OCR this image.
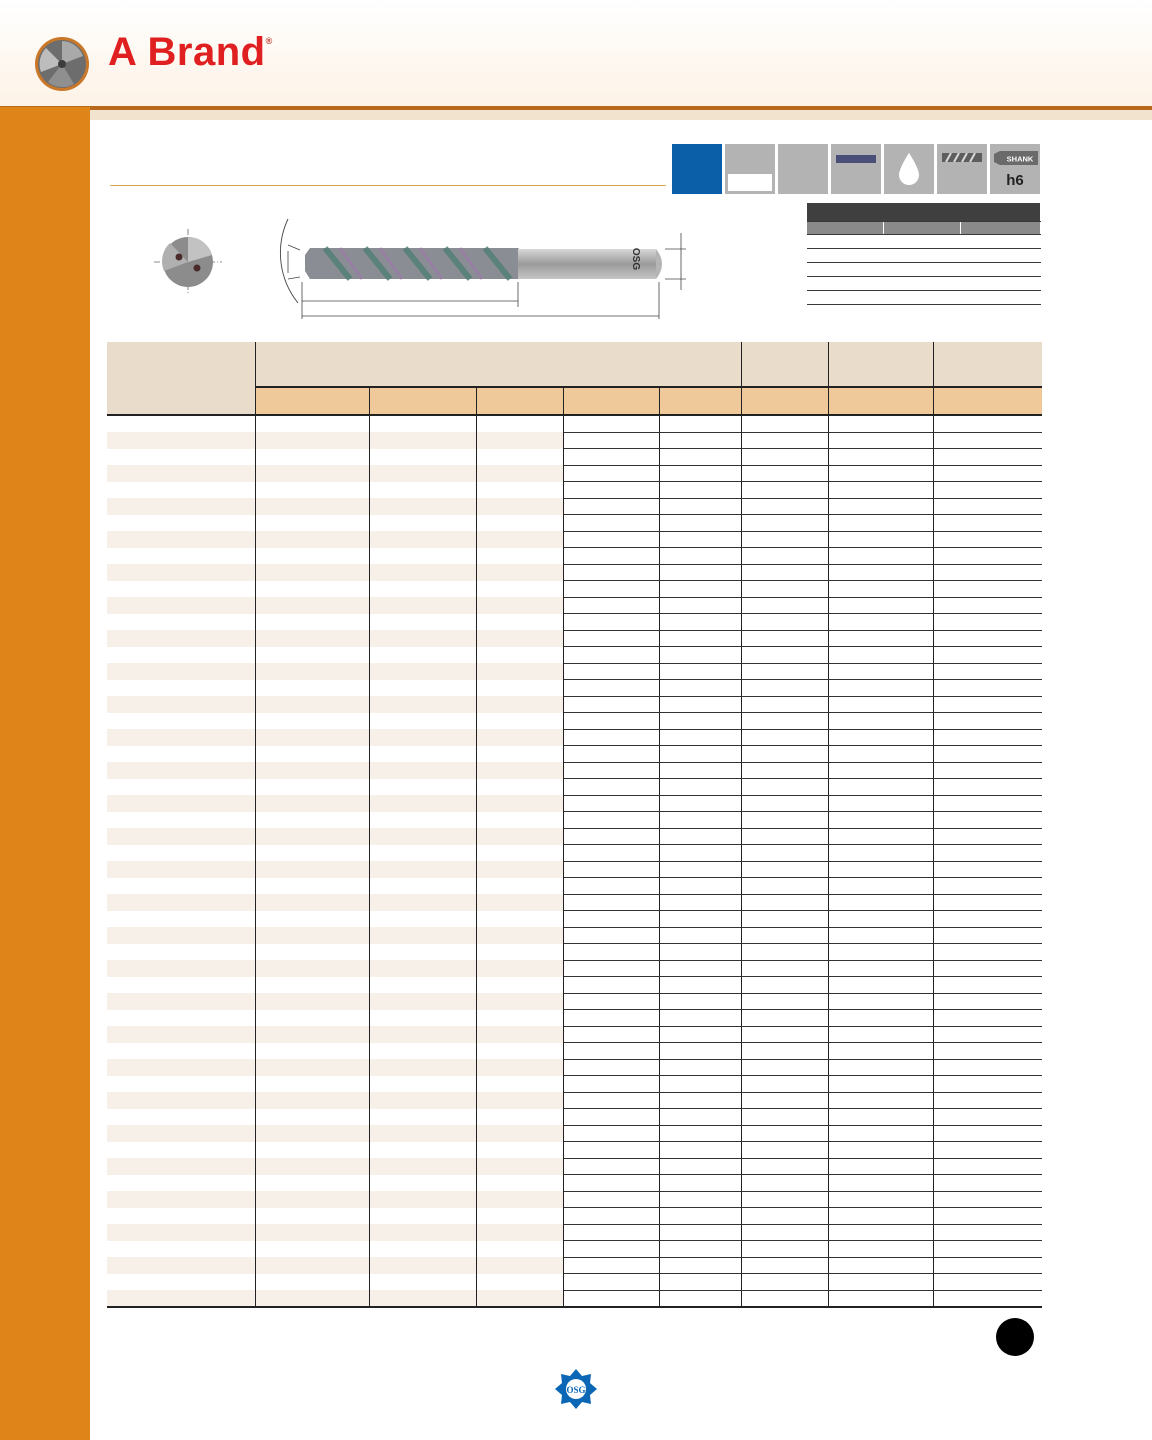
A Brand®
SHANK
h6

OSG

OSG
